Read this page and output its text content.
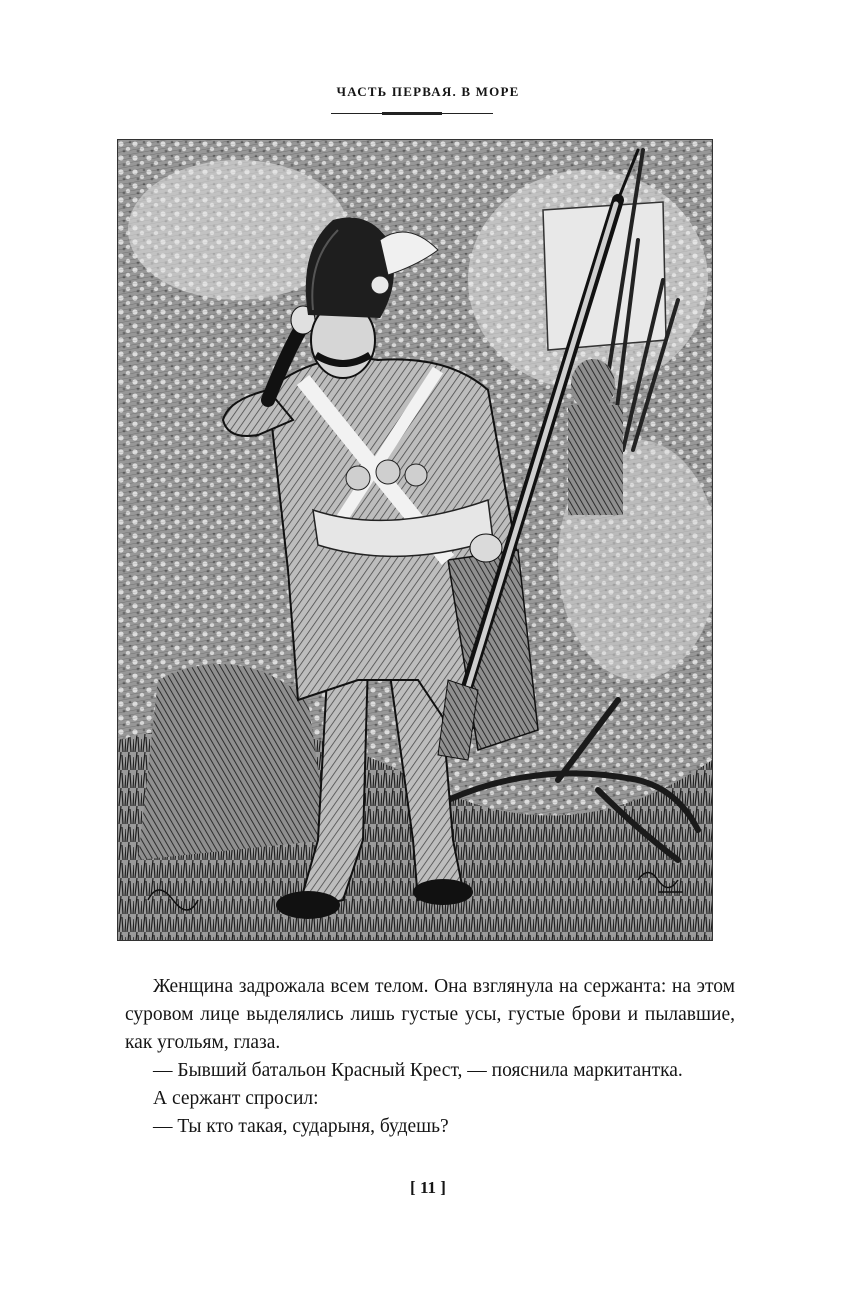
ЧАСТЬ ПЕРВАЯ. В МОРЕ

Женщина задрожала всем телом. Она взглянула на сержанта: на этом суровом лице выделялись лишь густые усы, густые брови и пылавшие, как угольям, глаза.

— Бывший батальон Красный Крест, — пояснила маркитантка.

А сержант спросил:

— Ты кто такая, сударыня, будешь?

[ 11 ]
